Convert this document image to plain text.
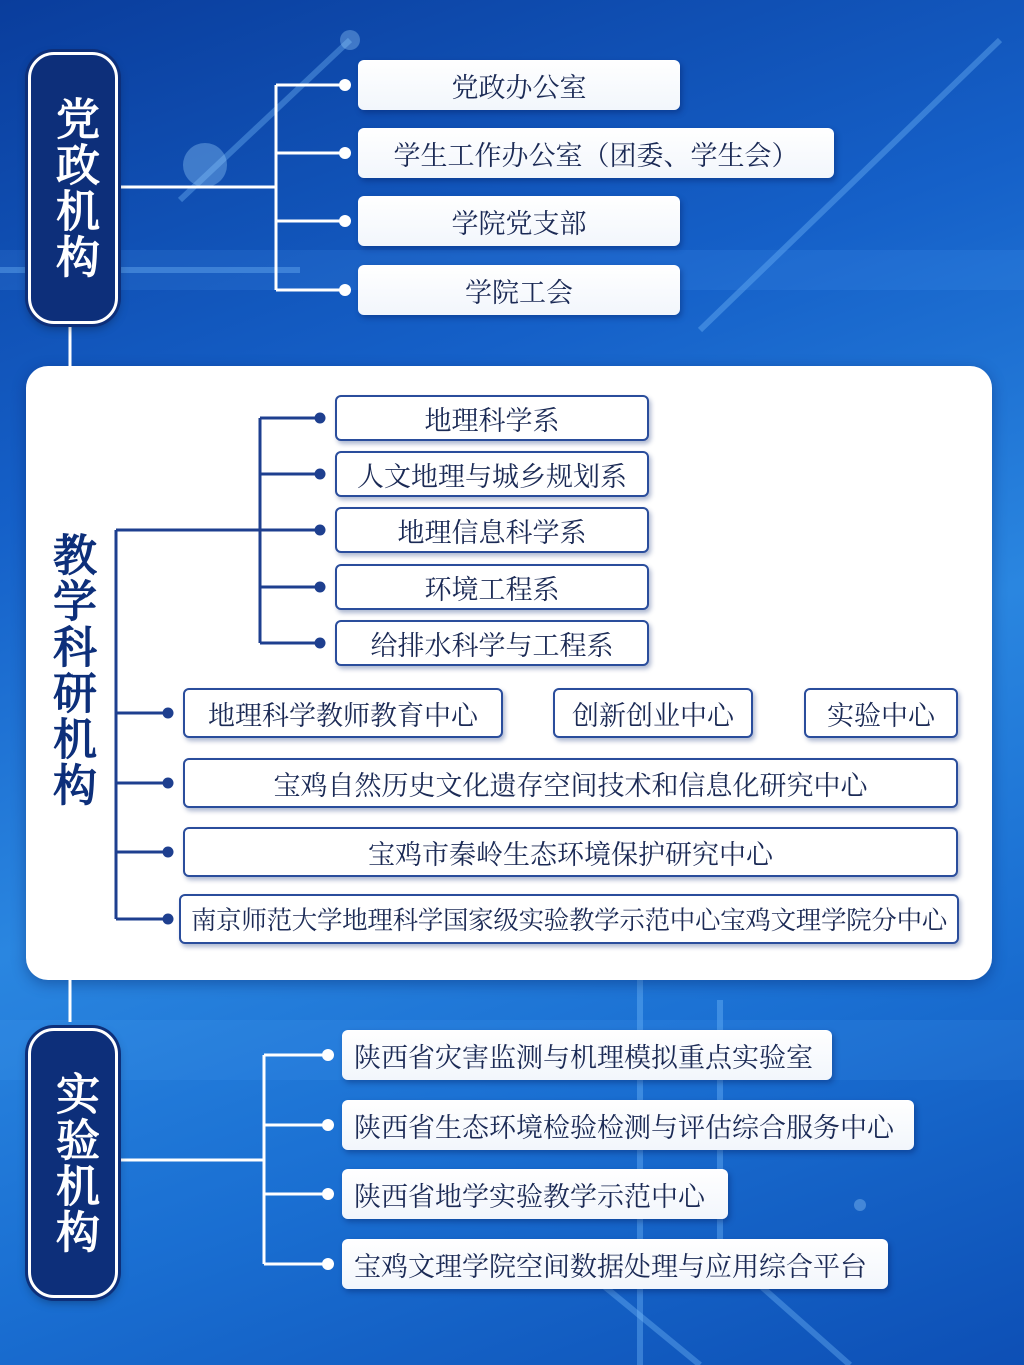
党政机构
党政办公室
学生工作办公室（团委、学生会）
学院党支部
学院工会
教学科研机构
地理科学系
人文地理与城乡规划系
地理信息科学系
环境工程系
给排水科学与工程系
地理科学教师教育中心	创新创业中心	实验中心
宝鸡自然历史文化遗存空间技术和信息化研究中心
宝鸡市秦岭生态环境保护研究中心
南京师范大学地理科学国家级实验教学示范中心宝鸡文理学院分中心
实验机构
陕西省灾害监测与机理模拟重点实验室
陕西省生态环境检验检测与评估综合服务中心
陕西省地学实验教学示范中心
宝鸡文理学院空间数据处理与应用综合平台
